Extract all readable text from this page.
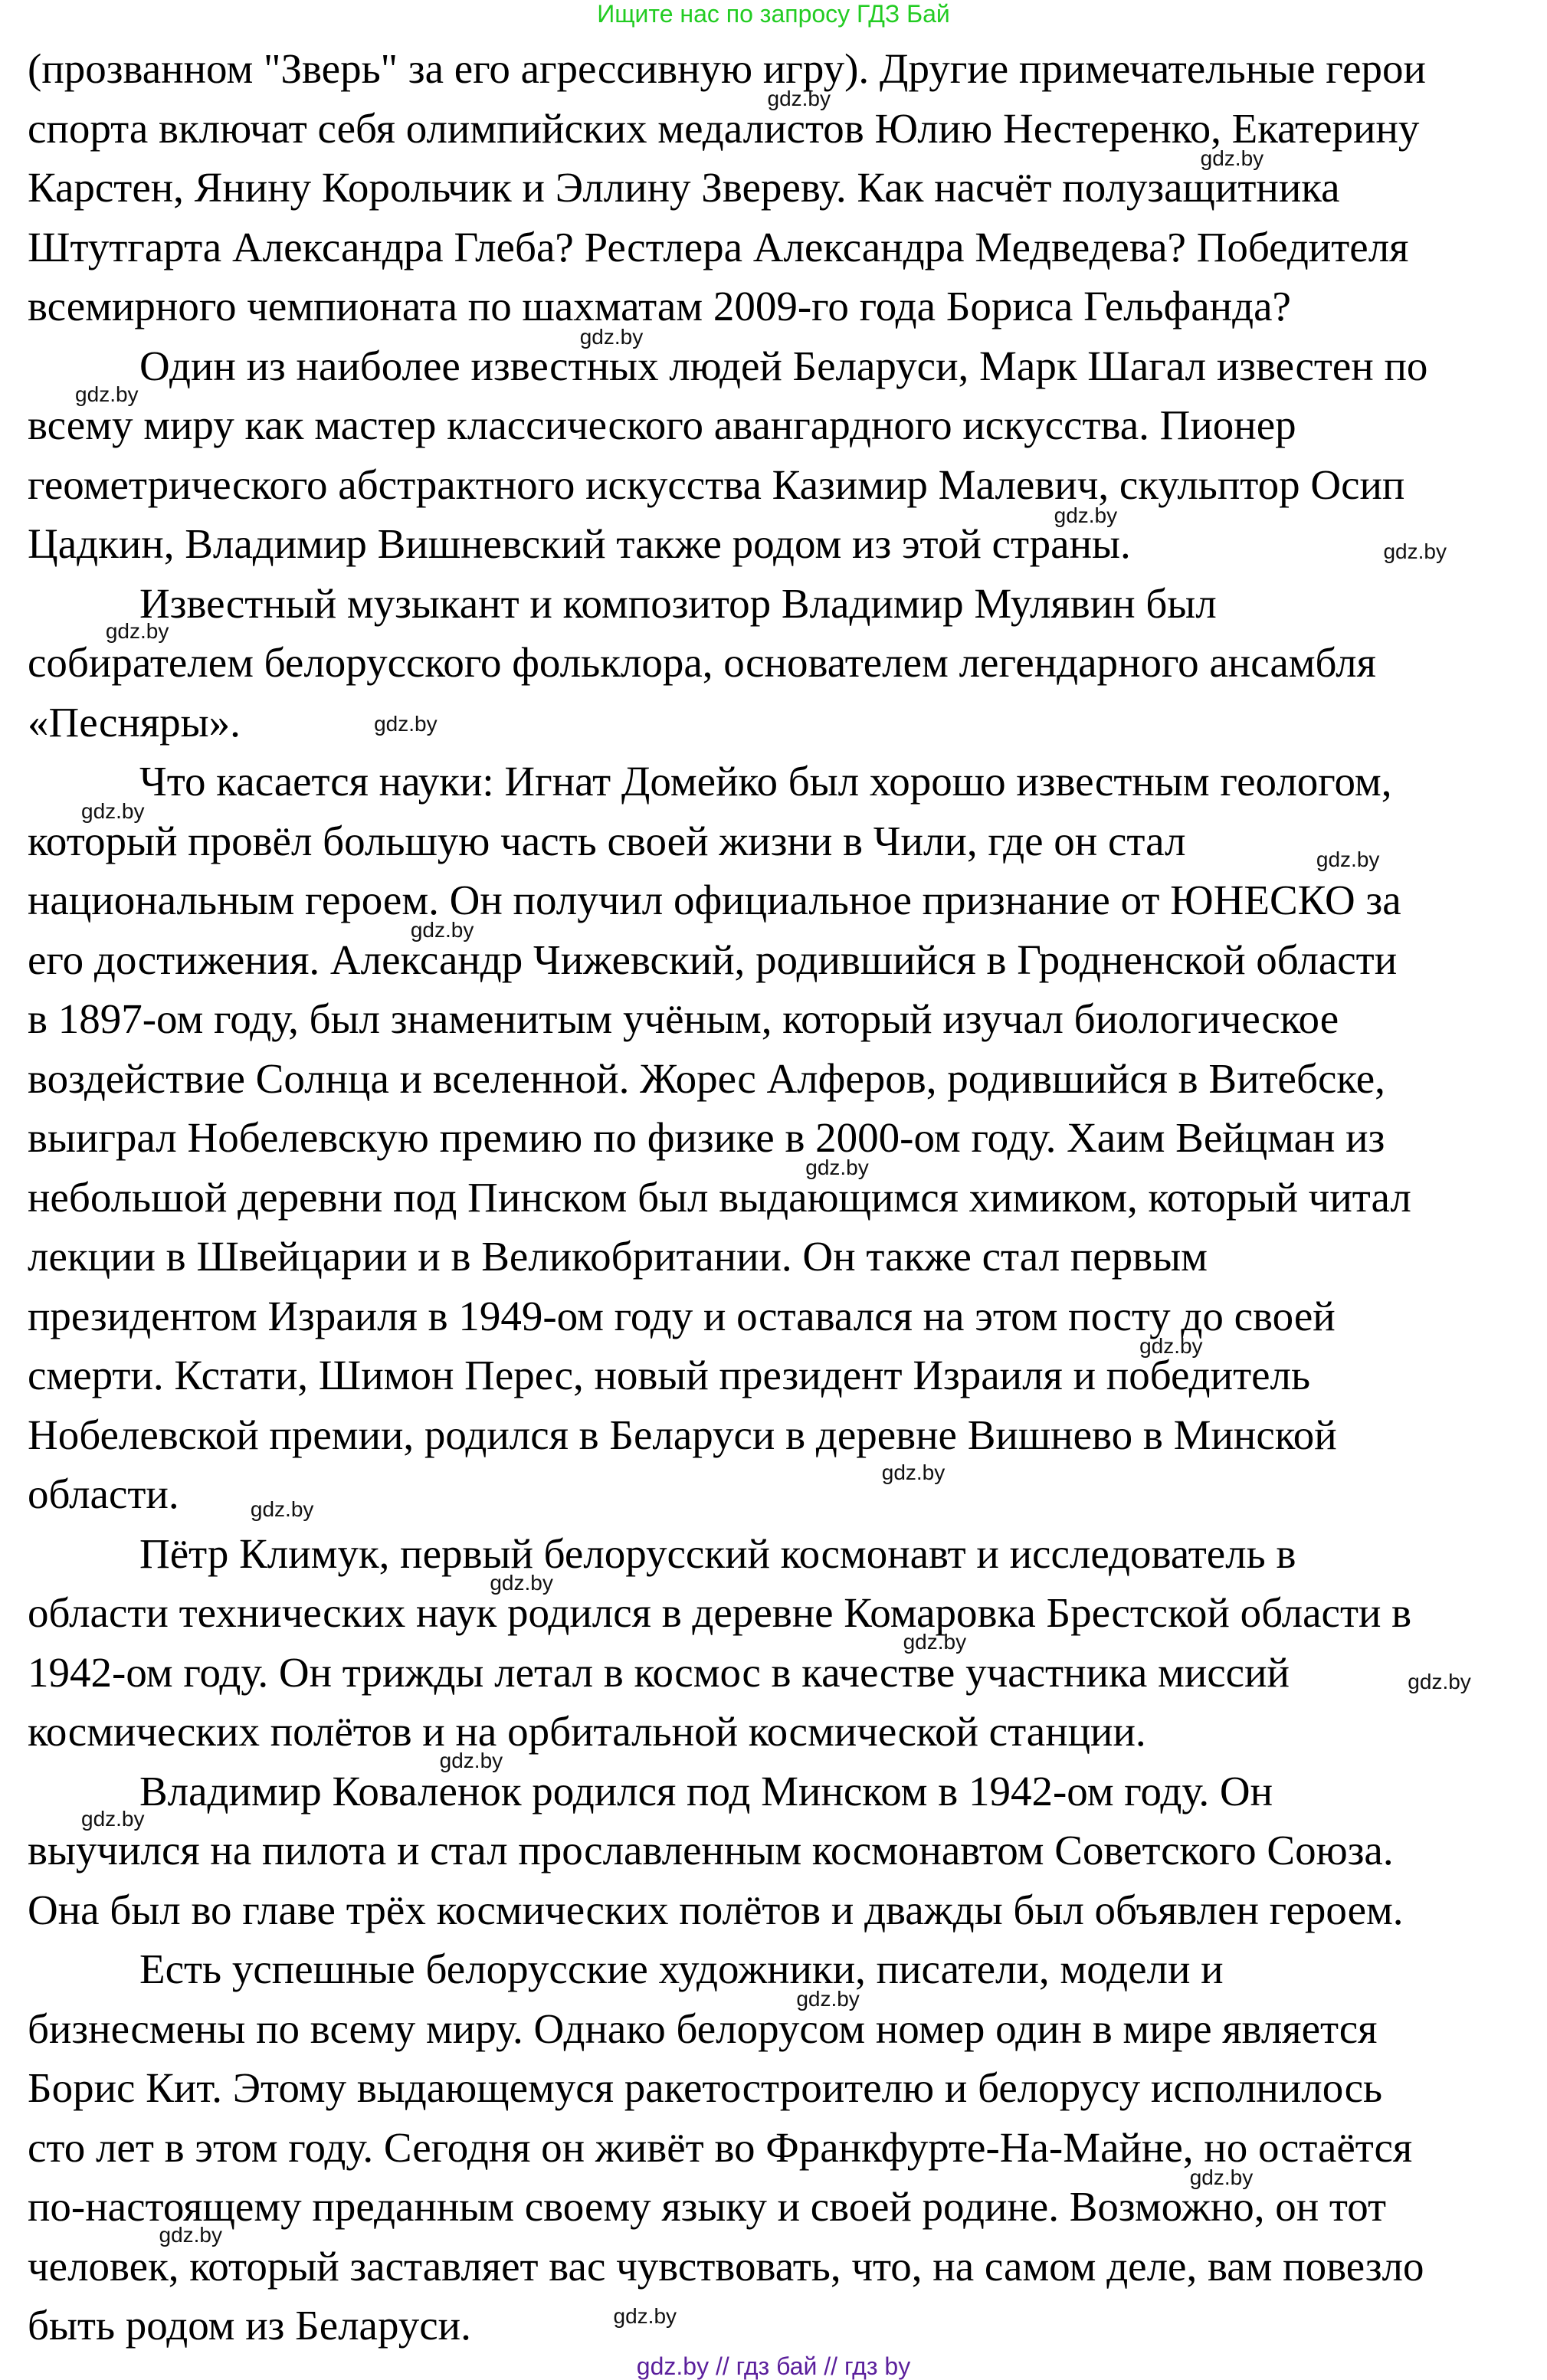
Ищите нас по запросу ГДЗ Бай
(прозванном "Зверь" за его агрессивную игру). Другие примечательные герои
спорта включат себя олимпийских медалистов Юлию Нестеренко, Екатерину
Карстен, Янину Корольчик и Эллину Звереву. Как насчёт полузащитника
Штутгарта Александра Глеба? Рестлера Александра Медведева? Победителя
всемирного чемпионата по шахматам 2009-го года Бориса Гельфанда?
Один из наиболее известных людей Беларуси, Марк Шагал известен по
всему миру как мастер классического авангардного искусства. Пионер
геометрического абстрактного искусства Казимир Малевич, скульптор Осип
Цадкин, Владимир Вишневский также родом из этой страны.
Известный музыкант и композитор Владимир Мулявин был
собирателем белорусского фольклора, основателем легендарного ансамбля
«Песняры».
Что касается науки: Игнат Домейко был хорошо известным геологом,
который провёл большую часть своей жизни в Чили, где он стал
национальным героем. Он получил официальное признание от ЮНЕСКО за
его достижения. Александр Чижевский, родившийся в Гродненской области
в 1897-ом году, был знаменитым учёным, который изучал биологическое
воздействие Солнца и вселенной. Жорес Алферов, родившийся в Витебске,
выиграл Нобелевскую премию по физике в 2000-ом году. Хаим Вейцман из
небольшой деревни под Пинском был выдающимся химиком, который читал
лекции в Швейцарии и в Великобритании. Он также стал первым
президентом Израиля в 1949-ом году и оставался на этом посту до своей
смерти. Кстати, Шимон Перес, новый президент Израиля и победитель
Нобелевской премии, родился в Беларуси в деревне Вишнево в Минской
области.
Пётр Климук, первый белорусский космонавт и исследователь в
области технических наук родился в деревне Комаровка Брестской области в
1942-ом году. Он трижды летал в космос в качестве участника миссий
космических полётов и на орбитальной космической станции.
Владимир Коваленок родился под Минском в 1942-ом году. Он
выучился на пилота и стал прославленным космонавтом Советского Союза.
Она был во главе трёх космических полётов и дважды был объявлен героем.
Есть успешные белорусские художники, писатели, модели и
бизнесмены по всему миру. Однако белорусом номер один в мире является
Борис Кит. Этому выдающемуся ракетостроителю и белорусу исполнилось
сто лет в этом году. Сегодня он живёт во Франкфурте-На-Майне, но остаётся
по-настоящему преданным своему языку и своей родине. Возможно, он тот
человек, который заставляет вас чувствовать, что, на самом деле, вам повезло
быть родом из Беларуси.
gdz.by
gdz.by
gdz.by
gdz.by
gdz.by
gdz.by
gdz.by
gdz.by
gdz.by
gdz.by
gdz.by
gdz.by
gdz.by
gdz.by
gdz.by
gdz.by
gdz.by
gdz.by
gdz.by
gdz.by
gdz.by
gdz.by
gdz.by
gdz.by
gdz.by // гдз бай // гдз by
